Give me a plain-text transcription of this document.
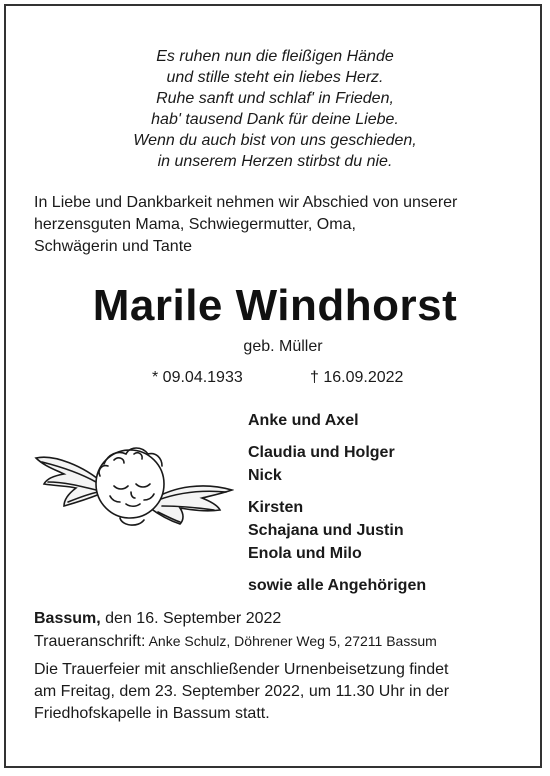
Es ruhen nun die fleißigen Hände
und stille steht ein liebes Herz.
Ruhe sanft und schlaf' in Frieden,
hab' tausend Dank für deine Liebe.
Wenn du auch bist von uns geschieden,
in unserem Herzen stirbst du nie.
In Liebe und Dankbarkeit nehmen wir Abschied von unserer
herzensguten Mama, Schwiegermutter, Oma,
Schwägerin und Tante
Marile Windhorst
geb. Müller
* 09.04.1933	† 16.09.2022
Anke und Axel
Claudia und Holger
Nick
Kirsten
Schajana und Justin
Enola und Milo
sowie alle Angehörigen
Bassum, den 16. September 2022
Traueranschrift: Anke Schulz, Döhrener Weg 5, 27211 Bassum
Die Trauerfeier mit anschließender Urnenbeisetzung findet
am Freitag, dem 23. September 2022, um 11.30 Uhr in der
Friedhofskapelle in Bassum statt.
